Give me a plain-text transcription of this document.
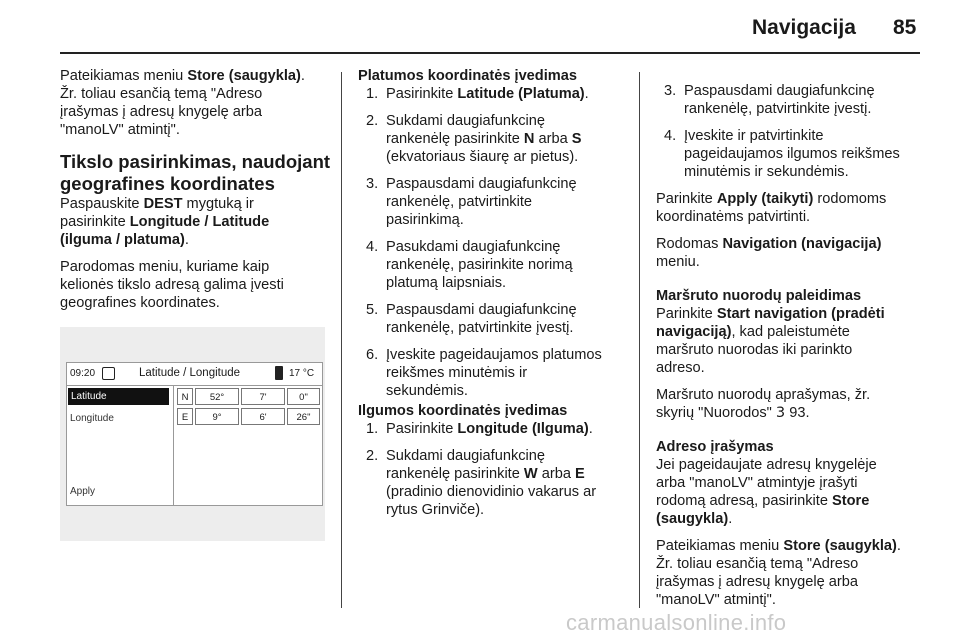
Navigacija 85

Pateikiamas meniu Store (saugykla).
Žr. toliau esančią temą "Adreso
įrašymas į adresų knygelę arba
"manoLV" atmintį".

Tikslo pasirinkimas, naudojant
geografines koordinates

Paspauskite DEST mygtuką ir
pasirinkite Longitude / Latitude
(ilguma / platuma).

Parodomas meniu, kuriame kaip
kelionės tikslo adresą galima įvesti
geografines koordinates.

09:20	Latitude / Longitude	17 °C
Latitude
Longitude
Apply
N	52°	7'	0"
E	9°	6'	26"
Platumos koordinatės įvedimas
1. Pasirinkite Latitude (Platuma).
2. Sukdami daugiafunkcinę
rankenėlę pasirinkite N arba S
(ekvatoriaus šiaurę ar pietus).
3. Paspausdami daugiafunkcinę
rankenėlę, patvirtinkite
pasirinkimą.
4. Pasukdami daugiafunkcinę
rankenėlę, pasirinkite norimą
platumą laipsniais.
5. Paspausdami daugiafunkcinę
rankenėlę, patvirtinkite įvestį.
6. Įveskite pageidaujamos platumos
reikšmes minutėmis ir
sekundėmis.
Ilgumos koordinatės įvedimas
1. Pasirinkite Longitude (Ilguma).
2. Sukdami daugiafunkcinę
rankenėlę pasirinkite W arba E
(pradinio dienovidinio vakarus ar
rytus Grinviče).
3. Paspausdami daugiafunkcinę
rankenėlę, patvirtinkite įvestį.
4. Įveskite ir patvirtinkite
pageidaujamos ilgumos reikšmes
minutėmis ir sekundėmis.

Parinkite Apply (taikyti) rodomoms
koordinatėms patvirtinti.

Rodomas Navigation (navigacija)
meniu.

Maršruto nuorodų paleidimas

Parinkite Start navigation (pradėti
navigaciją), kad paleistumėte
maršruto nuorodas iki parinkto
adreso.

Maršruto nuorodų aprašymas, žr.
skyrių "Nuorodos" 3 93.

Adreso įrašymas

Jei pageidaujate adresų knygelėje
arba "manoLV" atmintyje įrašyti
rodomą adresą, pasirinkite Store
(saugykla).

Pateikiamas meniu Store (saugykla).
Žr. toliau esančią temą "Adreso
įrašymas į adresų knygelę arba
"manoLV" atmintį".

carmanualsonline.info
